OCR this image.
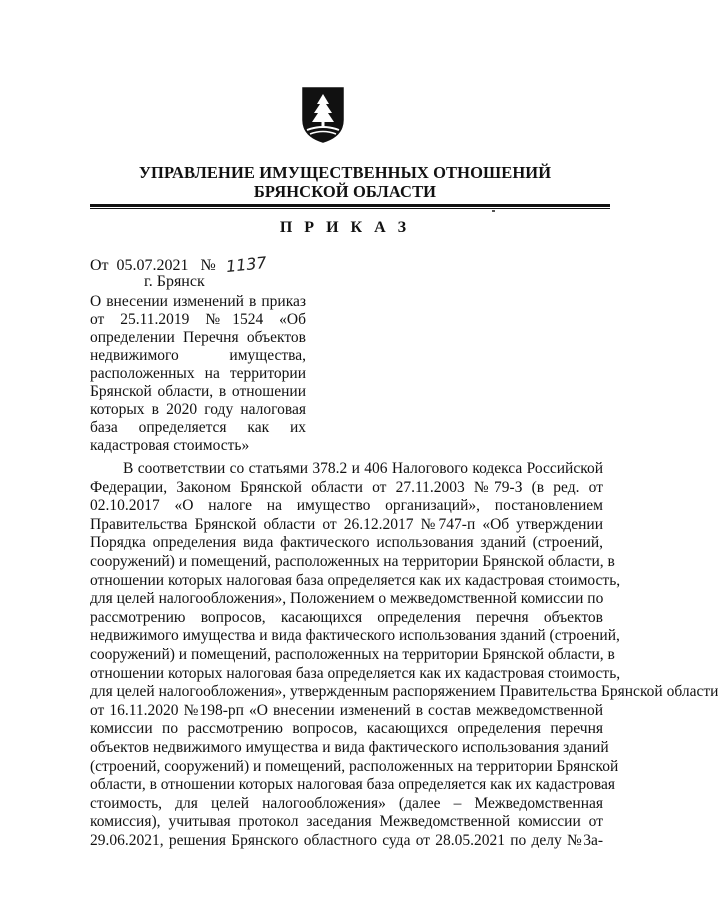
УПРАВЛЕНИЕ ИМУЩЕСТВЕННЫХ ОТНОШЕНИЙ
БРЯНСКОЙ ОБЛАСТИ
П Р И К А З
От 05.07.2021 № 1137
г. Брянск
О внесении изменений в приказ
от 25.11.2019 №1524 «Об
определении Перечня объектов
недвижимого имущества,
расположенных на территории
Брянской области, в отношении
которых в 2020 году налоговая
база определяется как их
кадастровая стоимость»
В соответствии со статьями 378.2 и 406 Налогового кодекса Российской
Федерации, Законом Брянской области от 27.11.2003 №79-З (в ред. от
02.10.2017 «О налоге на имущество организаций», постановлением
Правительства Брянской области от 26.12.2017 №747-п «Об утверждении
Порядка определения вида фактического использования зданий (строений,
сооружений) и помещений, расположенных на территории Брянской области, в
отношении которых налоговая база определяется как их кадастровая стоимость,
для целей налогообложения», Положением о межведомственной комиссии по
рассмотрению вопросов, касающихся определения перечня объектов
недвижимого имущества и вида фактического использования зданий (строений,
сооружений) и помещений, расположенных на территории Брянской области, в
отношении которых налоговая база определяется как их кадастровая стоимость,
для целей налогообложения», утвержденным распоряжением Правительства Брянской области
от 16.11.2020 №198-рп «О внесении изменений в состав межведомственной
комиссии по рассмотрению вопросов, касающихся определения перечня
объектов недвижимого имущества и вида фактического использования зданий
(строений, сооружений) и помещений, расположенных на территории Брянской
области, в отношении которых налоговая база определяется как их кадастровая
стоимость, для целей налогообложения» (далее – Межведомственная
комиссия), учитывая протокол заседания Межведомственной комиссии от
29.06.2021, решения Брянского областного суда от 28.05.2021 по делу №3а-
